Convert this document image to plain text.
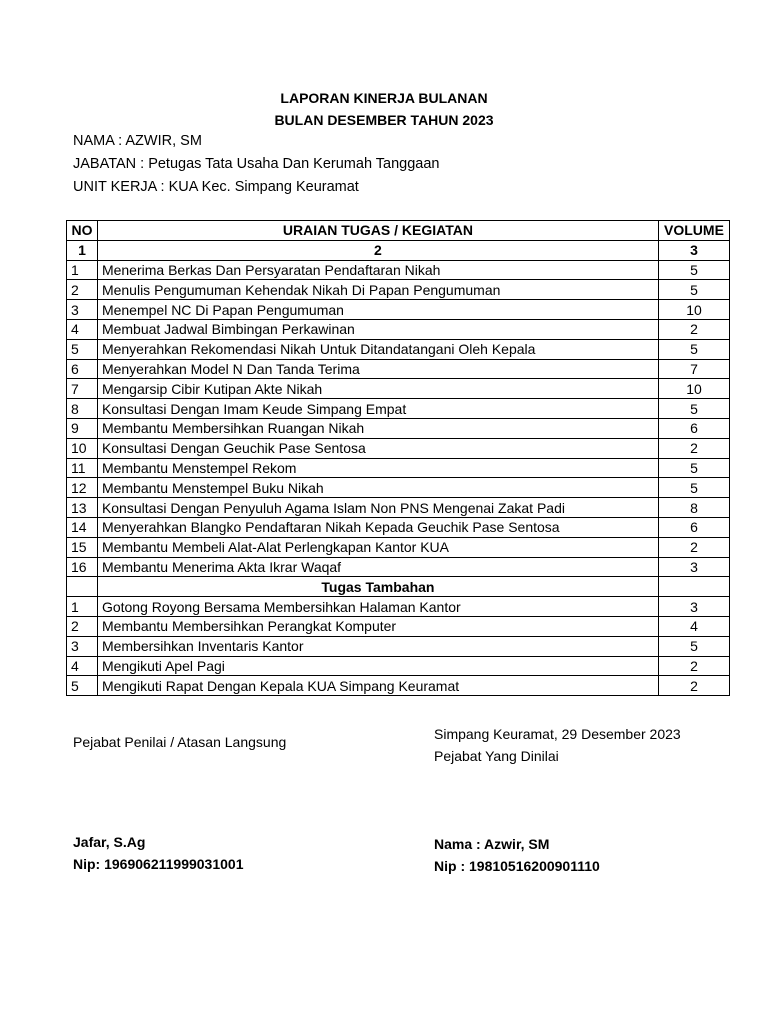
LAPORAN KINERJA BULANAN
BULAN DESEMBER TAHUN 2023
NAMA : AZWIR, SM
JABATAN : Petugas Tata Usaha Dan Kerumah Tanggaan
UNIT KERJA : KUA Kec. Simpang Keuramat
NO	URAIAN TUGAS / KEGIATAN	VOLUME
1	2	3
1	Menerima Berkas Dan Persyaratan Pendaftaran Nikah	5
2	Menulis Pengumuman Kehendak Nikah Di Papan Pengumuman	5
3	Menempel NC Di Papan Pengumuman	10
4	Membuat Jadwal Bimbingan Perkawinan	2
5	Menyerahkan Rekomendasi Nikah Untuk Ditandatangani Oleh Kepala	5
6	Menyerahkan Model N Dan Tanda Terima	7
7	Mengarsip Cibir Kutipan Akte Nikah	10
8	Konsultasi Dengan Imam Keude Simpang Empat	5
9	Membantu Membersihkan Ruangan Nikah	6
10	Konsultasi Dengan Geuchik Pase Sentosa	2
11	Membantu Menstempel Rekom	5
12	Membantu Menstempel Buku Nikah	5
13	Konsultasi Dengan Penyuluh Agama Islam Non PNS Mengenai Zakat Padi	8
14	Menyerahkan Blangko Pendaftaran Nikah Kepada Geuchik Pase Sentosa	6
15	Membantu Membeli Alat-Alat Perlengkapan Kantor KUA	2
16	Membantu Menerima Akta Ikrar Waqaf	3
	Tugas Tambahan	
1	Gotong Royong Bersama Membersihkan Halaman Kantor	3
2	Membantu Membersihkan Perangkat Komputer	4
3	Membersihkan Inventaris Kantor	5
4	Mengikuti Apel Pagi	2
5	Mengikuti Rapat Dengan Kepala KUA Simpang Keuramat	2
Pejabat Penilai / Atasan Langsung
Jafar, S.Ag
Nip: 196906211999031001
Simpang Keuramat, 29 Desember 2023
Pejabat Yang Dinilai
Nama : Azwir, SM
Nip : 19810516200901110
